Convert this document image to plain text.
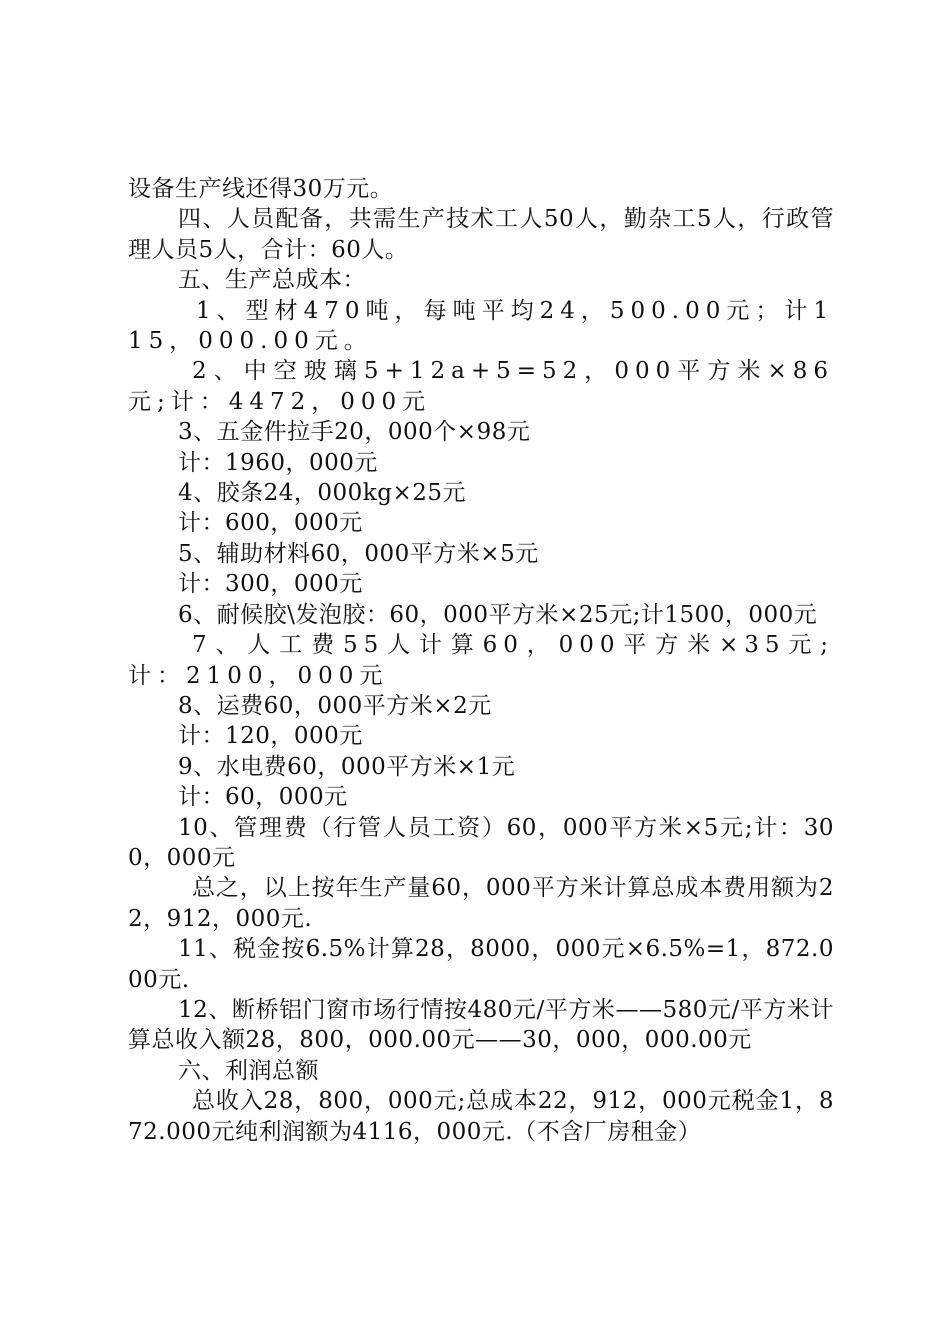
设备生产线还得30万元。

四、人员配备，共需生产技术工人50人，勤杂工5人，行政管理人员5人，合计：60人。

五、生产总成本：

1、型材470吨，每吨平均24，500.00元；计115，000.00元。

2、中空玻璃5+12a+5=52，000平方米×86元;计：4472，000元

3、五金件拉手20，000个×98元

计：1960，000元

4、胶条24，000kg×25元

计：600，000元

5、辅助材料60，000平方米×5元

计：300，000元

6、耐候胶\发泡胶：60，000平方米×25元;计1500，000元

7、人工费55人计算60，000平方米×35元;计：2100，000元

8、运费60，000平方米×2元

计：120，000元

9、水电费60，000平方米×1元

计：60，000元

10、管理费（行管人员工资）60，000平方米×5元;计：300，000元

总之，以上按年生产量60，000平方米计算总成本费用额为22，912，000元.

11、税金按6.5%计算28，8000，000元×6.5%=1，872.000元.

12、断桥铝门窗市场行情按480元/平方米——580元/平方米计算总收入额28，800，000.00元——30，000，000.00元

六、利润总额

总收入28，800，000元;总成本22，912，000元税金1，872.000元纯利润额为4116，000元.（不含厂房租金）
